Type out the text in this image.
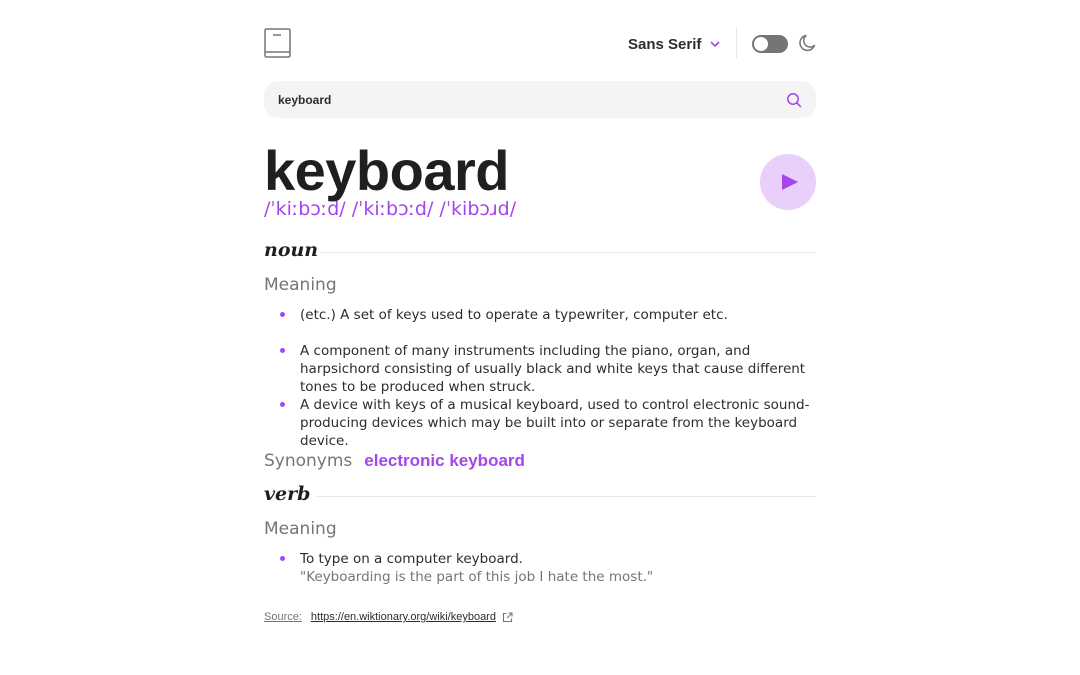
Sans Serif
keyboard
keyboard
/ˈkiːbɔːd/ /ˈkiːbɔːd/ /ˈkibɔɹd/
noun
Meaning
(etc.) A set of keys used to operate a typewriter, computer etc.
A component of many instruments including the piano, organ, and harpsichord consisting of usually black and white keys that cause different tones to be produced when struck.
A device with keys of a musical keyboard, used to control electronic sound-producing devices which may be built into or separate from the keyboard device.
Synonyms electronic keyboard
verb
Meaning
To type on a computer keyboard.
"Keyboarding is the part of this job I hate the most."
Source: https://en.wiktionary.org/wiki/keyboard
